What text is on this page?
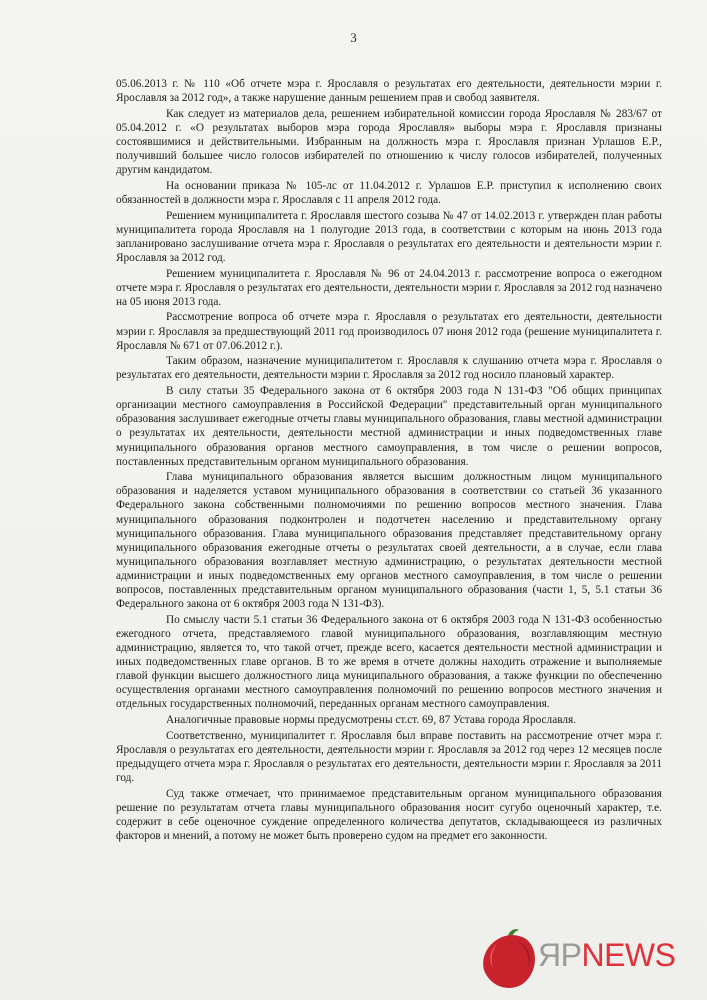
3

05.06.2013 г. № 110 «Об отчете мэра г. Ярославля о результатах его деятельности, деятельности мэрии г. Ярославля за 2012 год», а также нарушение данным решением прав и свобод заявителя.

Как следует из материалов дела, решением избирательной комиссии города Ярославля № 283/67 от 05.04.2012 г. «О результатах выборов мэра города Ярославля» выборы мэра г. Ярославля признаны состоявшимися и действительными. Избранным на должность мэра г. Ярославля признан Урлашов Е.Р., получивший большее число голосов избирателей по отношению к числу голосов избирателей, полученных другим кандидатом.

На основании приказа № 105-лс от 11.04.2012 г. Урлашов Е.Р. приступил к исполнению своих обязанностей в должности мэра г. Ярославля с 11 апреля 2012 года.

Решением муниципалитета г. Ярославля шестого созыва № 47 от 14.02.2013 г. утвержден план работы муниципалитета города Ярославля на 1 полугодие 2013 года, в соответствии с которым на июнь 2013 года запланировано заслушивание отчета мэра г. Ярославля о результатах его деятельности и деятельности мэрии г. Ярославля за 2012 год.

Решением муниципалитета г. Ярославля № 96 от 24.04.2013 г. рассмотрение вопроса о ежегодном отчете мэра г. Ярославля о результатах его деятельности, деятельности мэрии г. Ярославля за 2012 год назначено на 05 июня 2013 года.

Рассмотрение вопроса об отчете мэра г. Ярославля о результатах его деятельности, деятельности мэрии г. Ярославля за предшествующий 2011 год производилось 07 июня 2012 года (решение муниципалитета г. Ярославля № 671 от 07.06.2012 г.).

Таким образом, назначение муниципалитетом г. Ярославля к слушанию отчета мэра г. Ярославля о результатах его деятельности, деятельности мэрии г. Ярославля за 2012 год носило плановый характер.

В силу статьи 35 Федерального закона от 6 октября 2003 года N 131-ФЗ "Об общих принципах организации местного самоуправления в Российской Федерации" представительный орган муниципального образования заслушивает ежегодные отчеты главы муниципального образования, главы местной администрации о результатах их деятельности, деятельности местной администрации и иных подведомственных главе муниципального образования органов местного самоуправления, в том числе о решении вопросов, поставленных представительным органом муниципального образования.

Глава муниципального образования является высшим должностным лицом муниципального образования и наделяется уставом муниципального образования в соответствии со статьей 36 указанного Федерального закона собственными полномочиями по решению вопросов местного значения. Глава муниципального образования подконтролен и подотчетен населению и представительному органу муниципального образования. Глава муниципального образования представляет представительному органу муниципального образования ежегодные отчеты о результатах своей деятельности, а в случае, если глава муниципального образования возглавляет местную администрацию, о результатах деятельности местной администрации и иных подведомственных ему органов местного самоуправления, в том числе о решении вопросов, поставленных представительным органом муниципального образования (части 1, 5, 5.1 статьи 36 Федерального закона от 6 октября 2003 года N 131-ФЗ).

По смыслу части 5.1 статьи 36 Федерального закона от 6 октября 2003 года N 131-ФЗ особенностью ежегодного отчета, представляемого главой муниципального образования, возглавляющим местную администрацию, является то, что такой отчет, прежде всего, касается деятельности местной администрации и иных подведомственных главе органов. В то же время в отчете должны находить отражение и выполняемые главой функции высшего должностного лица муниципального образования, а также функции по обеспечению осуществления органами местного самоуправления полномочий по решению вопросов местного значения и отдельных государственных полномочий, переданных органам местного самоуправления.

Аналогичные правовые нормы предусмотрены ст.ст. 69, 87 Устава города Ярославля.

Соответственно, муниципалитет г. Ярославля был вправе поставить на рассмотрение отчет мэра г. Ярославля о результатах его деятельности, деятельности мэрии г. Ярославля за 2012 год через 12 месяцев после предыдущего отчета мэра г. Ярославля о результатах его деятельности, деятельности мэрии г. Ярославля за 2011 год.

Суд также отмечает, что принимаемое представительным органом муниципального образования решение по результатам отчета главы муниципального образования носит сугубо оценочный характер, т.е. содержит в себе оценочное суждение определенного количества депутатов, складывающееся из различных факторов и мнений, а потому не может быть проверено судом на предмет его законности.

ЯРNEWS
